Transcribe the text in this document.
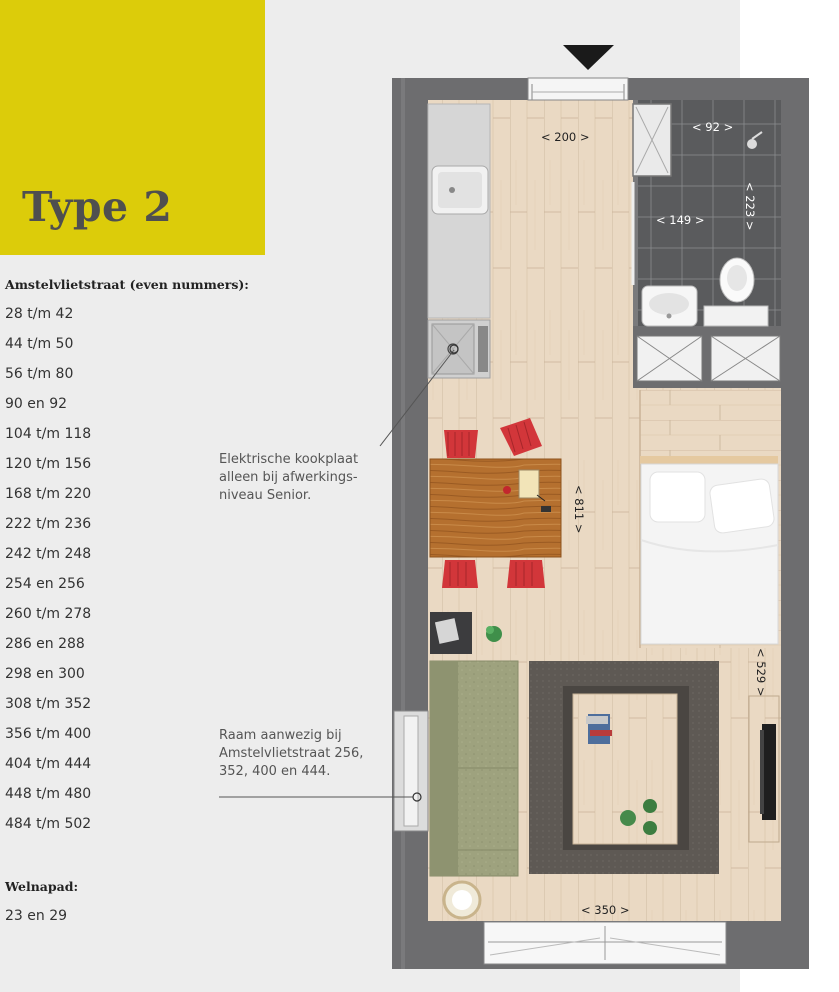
Type 2
Amstelvlietstraat (even nummers):
28 t/m 42
44 t/m 50
56 t/m 80
90 en 92
104 t/m 118
120 t/m 156
168 t/m 220
222 t/m 236
242 t/m 248
254 en 256
260 t/m 278
286 en 288
298 en 300
308 t/m 352
356 t/m 400
404 t/m 444
448 t/m 480
484 t/m 502
Welnapad:
23 en 29
Elektrische kookplaat
alleen bij afwerkings-
niveau Senior.
Raam aanwezig bij
Amstelvlietstraat 256,
352, 400 en 444.
< 200 >
< 92 >
< 149 >	< 223 >
< 811 >
< 529 >
< 350 >
